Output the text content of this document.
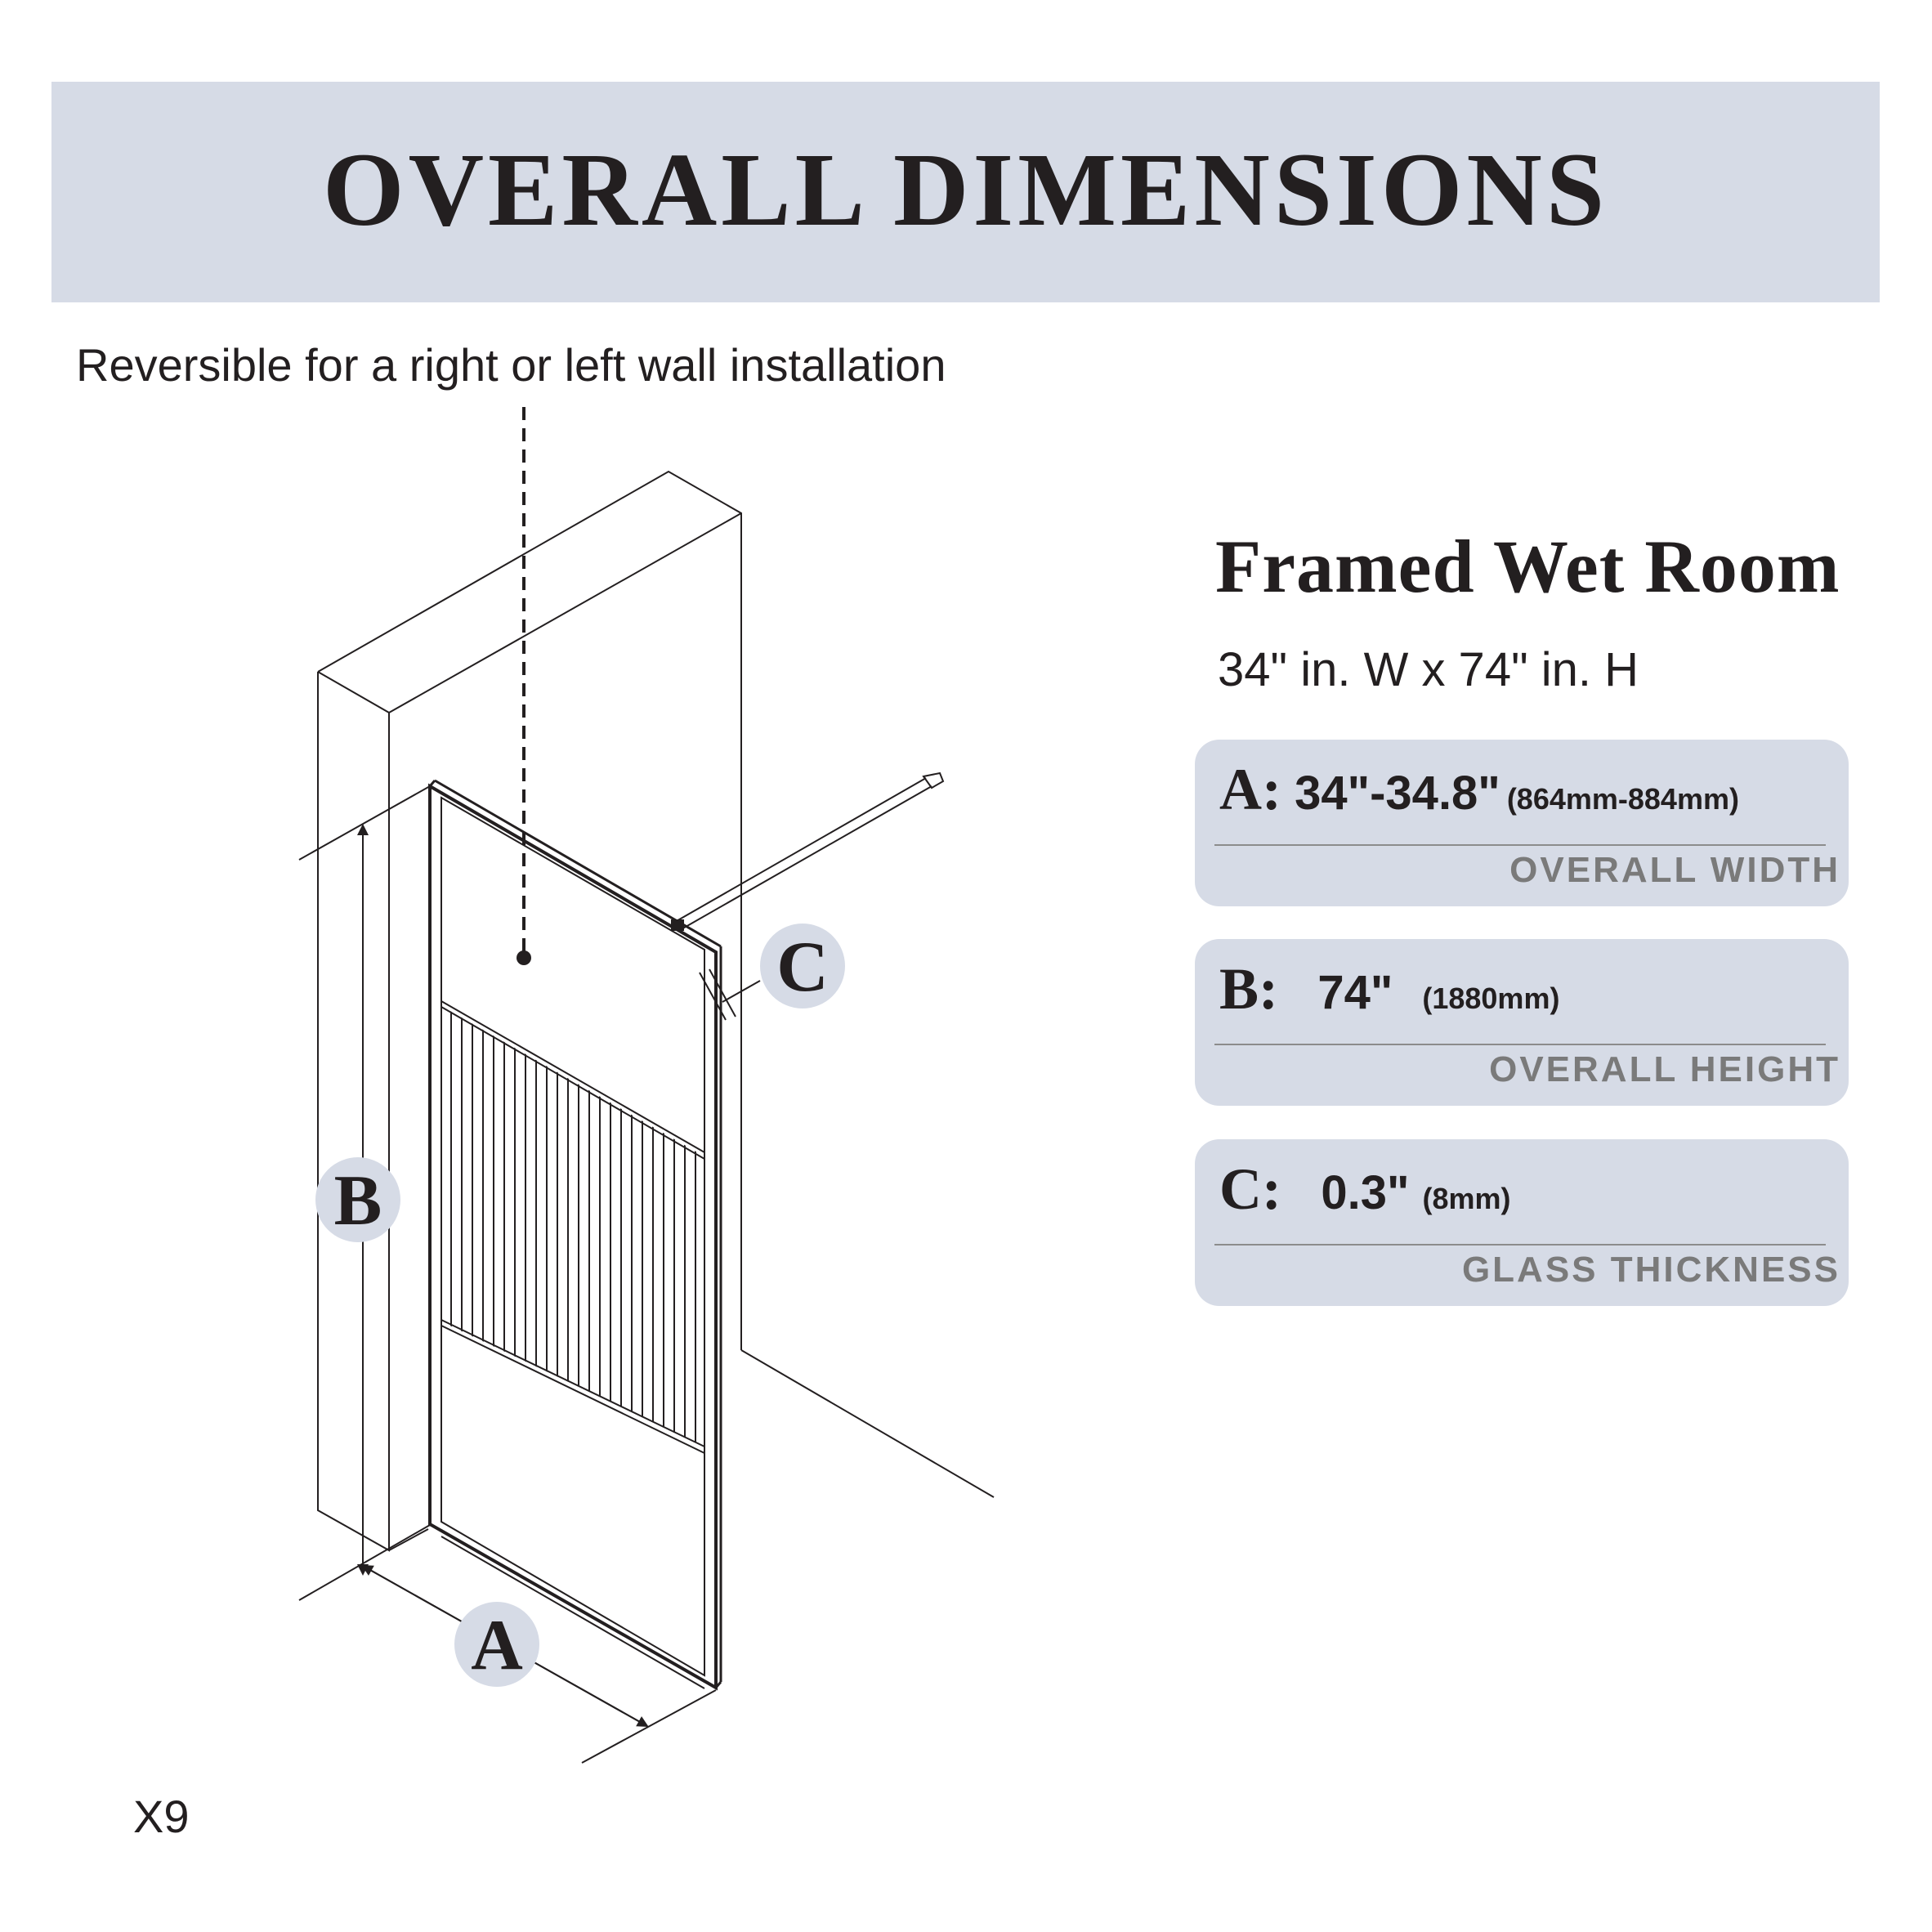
OVERALL DIMENSIONS
Reversible for a right or left wall installation
B
A
C
Framed Wet Room
34" in. W x 74" in. H
A: 34"-34.8" (864mm-884mm)
OVERALL WIDTH
B: 74" (1880mm)
OVERALL HEIGHT
C: 0.3" (8mm)
GLASS THICKNESS
X9
